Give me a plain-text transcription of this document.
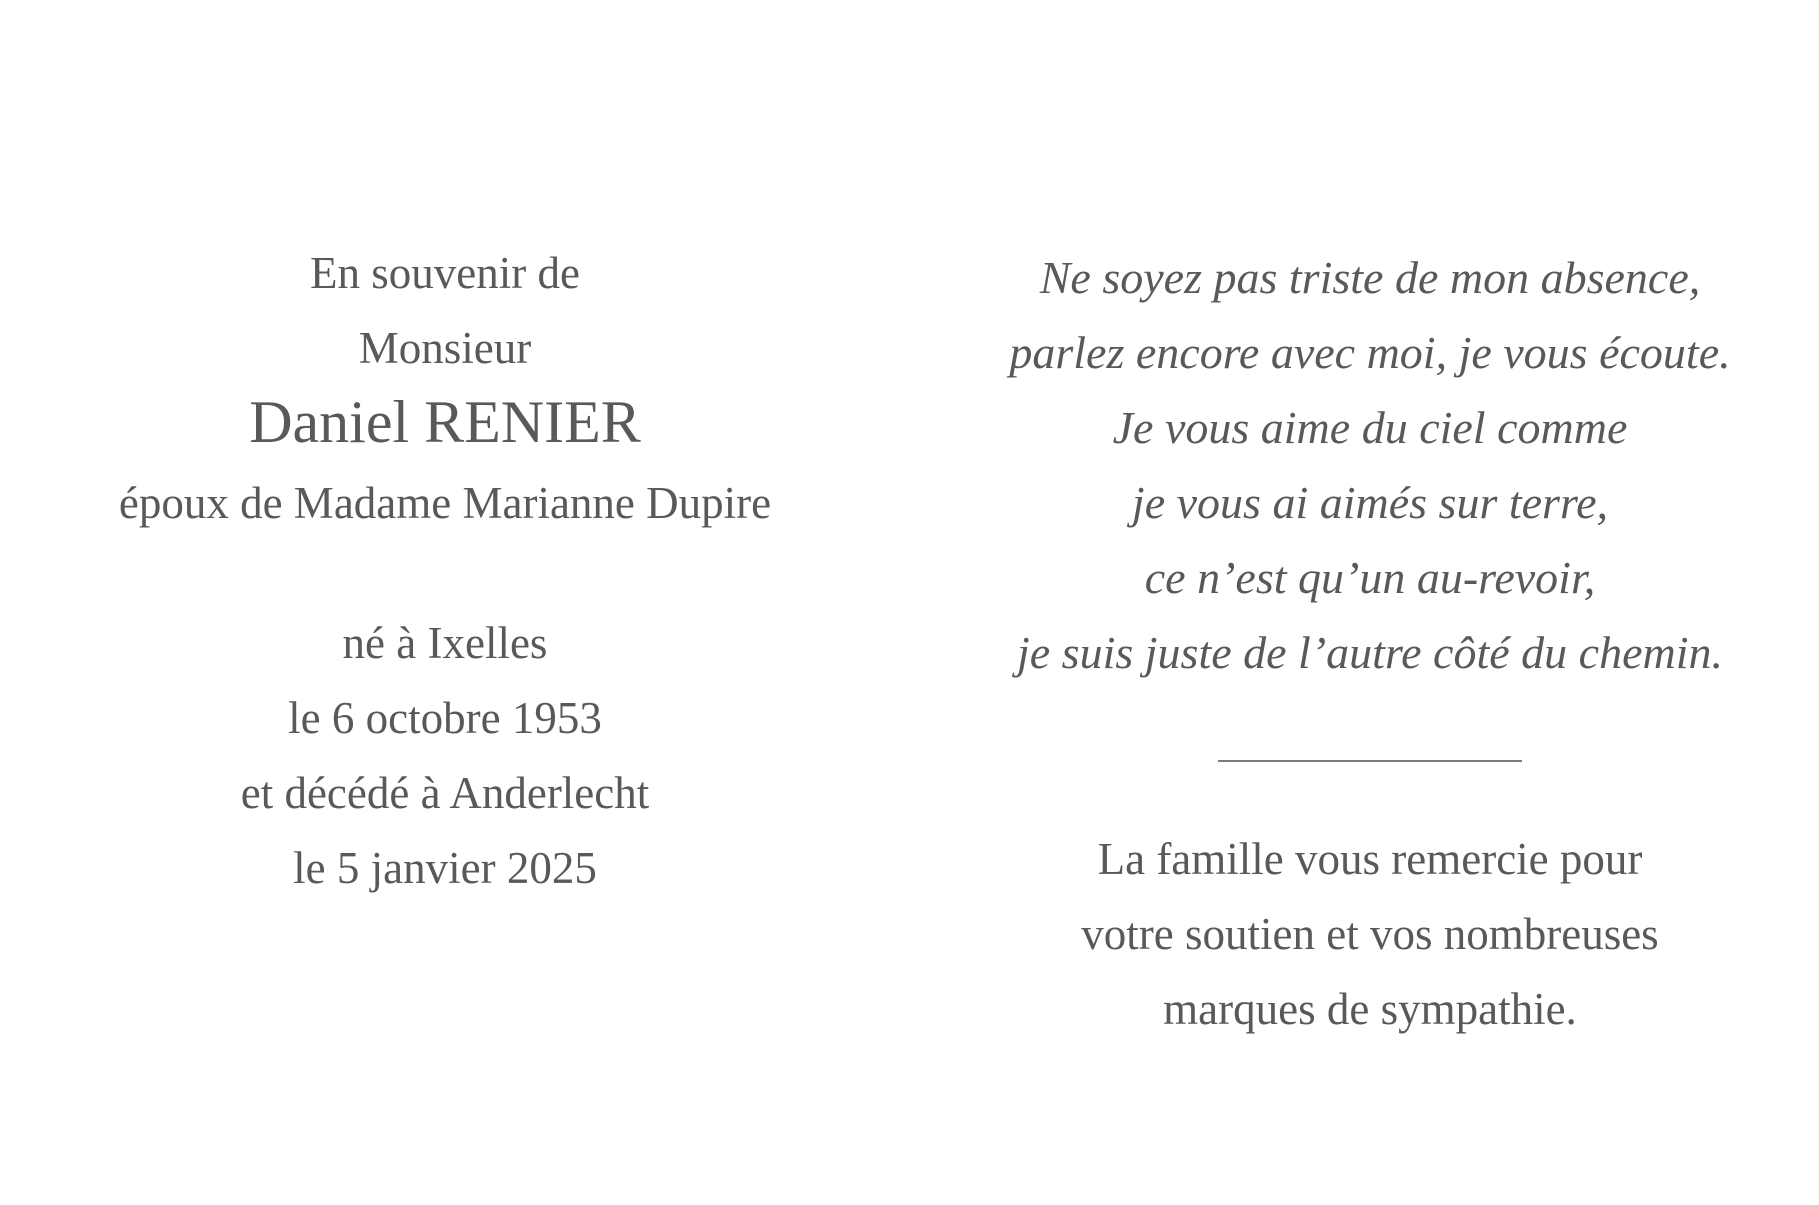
En souvenir de
Monsieur
Daniel RENIER
époux de Madame Marianne Dupire
né à Ixelles
le 6 octobre 1953
et décédé à Anderlecht
le 5 janvier 2025
Ne soyez pas triste de mon absence,
parlez encore avec moi, je vous écoute.
Je vous aime du ciel comme
je vous ai aimés sur terre,
ce n’est qu’un au-revoir,
je suis juste de l’autre côté du chemin.
La famille vous remercie pour
votre soutien et vos nombreuses
marques de sympathie.
